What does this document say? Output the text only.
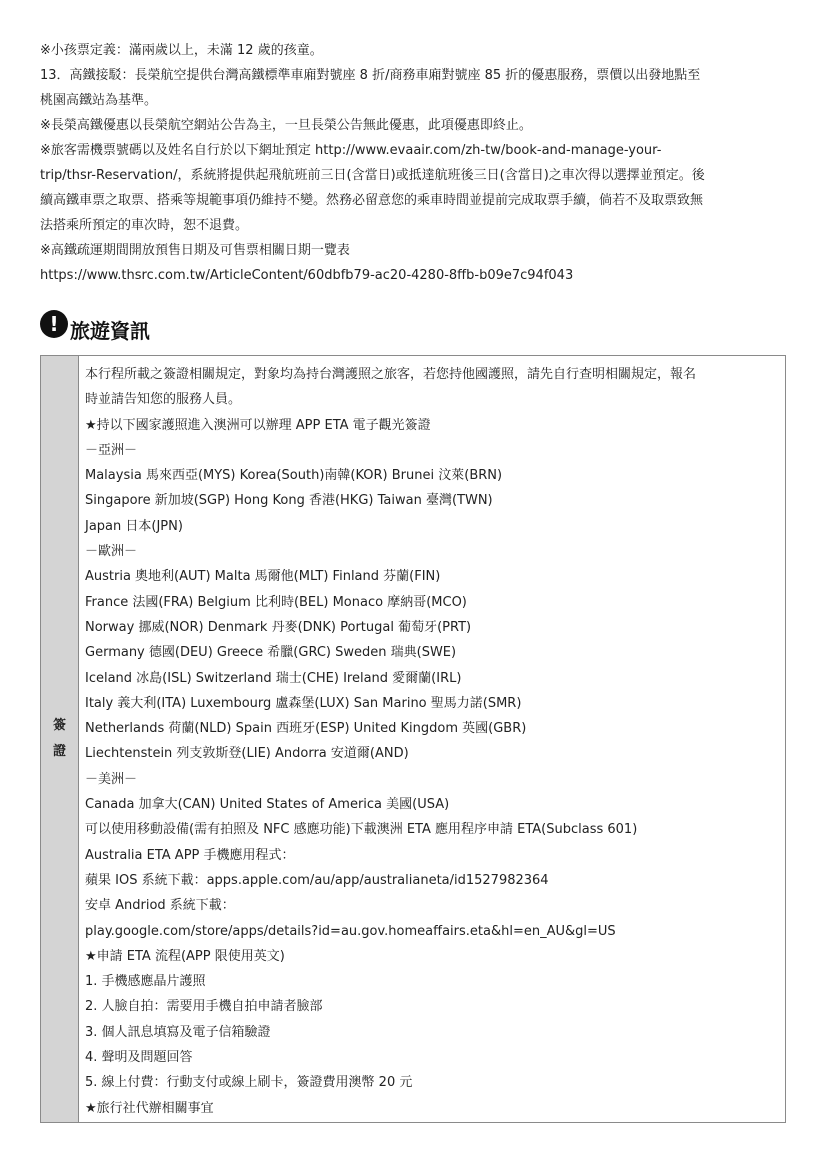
※小孩票定義：滿兩歲以上，未滿 12 歲的孩童。
13．高鐵接駁：長榮航空提供台灣高鐵標準車廂對號座 8 折/商務車廂對號座 85 折的優惠服務，票價以出發地點至
桃園高鐵站為基準。
※長榮高鐵優惠以長榮航空網站公告為主，一旦長榮公告無此優惠，此項優惠即終止。
※旅客需機票號碼以及姓名自行於以下網址預定 http://www.evaair.com/zh-tw/book-and-manage-your-
trip/thsr-Reservation/，系統將提供起飛航班前三日(含當日)或抵達航班後三日(含當日)之車次得以選擇並預定。後
續高鐵車票之取票、搭乘等規範事項仍維持不變。然務必留意您的乘車時間並提前完成取票手續，倘若不及取票致無
法搭乘所預定的車次時，恕不退費。
※高鐵疏運期間開放預售日期及可售票相關日期一覽表
https://www.thsrc.com.tw/ArticleContent/60dbfb79-ac20-4280-8ffb-b09e7c94f043
! 旅遊資訊
簽
證
本行程所載之簽證相關規定，對象均為持台灣護照之旅客，若您持他國護照，請先自行查明相關規定，報名
時並請告知您的服務人員。
★持以下國家護照進入澳洲可以辦理 APP ETA 電子觀光簽證
－亞洲－
Malaysia 馬來西亞(MYS) Korea(South)南韓(KOR) Brunei 汶萊(BRN)
Singapore 新加坡(SGP) Hong Kong 香港(HKG) Taiwan 臺灣(TWN)
Japan 日本(JPN)
－歐洲－
Austria 奧地利(AUT) Malta 馬爾他(MLT) Finland 芬蘭(FIN)
France 法國(FRA) Belgium 比利時(BEL) Monaco 摩納哥(MCO)
Norway 挪威(NOR) Denmark 丹麥(DNK) Portugal 葡萄牙(PRT)
Germany 德國(DEU) Greece 希臘(GRC) Sweden 瑞典(SWE)
Iceland 冰島(ISL) Switzerland 瑞士(CHE) Ireland 愛爾蘭(IRL)
Italy 義大利(ITA) Luxembourg 盧森堡(LUX) San Marino 聖馬力諾(SMR)
Netherlands 荷蘭(NLD) Spain 西班牙(ESP) United Kingdom 英國(GBR)
Liechtenstein 列支敦斯登(LIE) Andorra 安道爾(AND)
－美洲－
Canada 加拿大(CAN) United States of America 美國(USA)
可以使用移動設備(需有拍照及 NFC 感應功能)下載澳洲 ETA 應用程序申請 ETA(Subclass 601)
Australia ETA APP 手機應用程式：
蘋果 IOS 系統下載：apps.apple.com/au/app/australianeta/id1527982364
安卓 Andriod 系統下載：
play.google.com/store/apps/details?id=au.gov.homeaffairs.eta&hl=en_AU&gl=US
★申請 ETA 流程(APP 限使用英文)
1. 手機感應晶片護照
2. 人臉自拍：需要用手機自拍申請者臉部
3. 個人訊息填寫及電子信箱驗證
4. 聲明及問題回答
5. 線上付費：行動支付或線上刷卡，簽證費用澳幣 20 元
★旅行社代辦相關事宜
